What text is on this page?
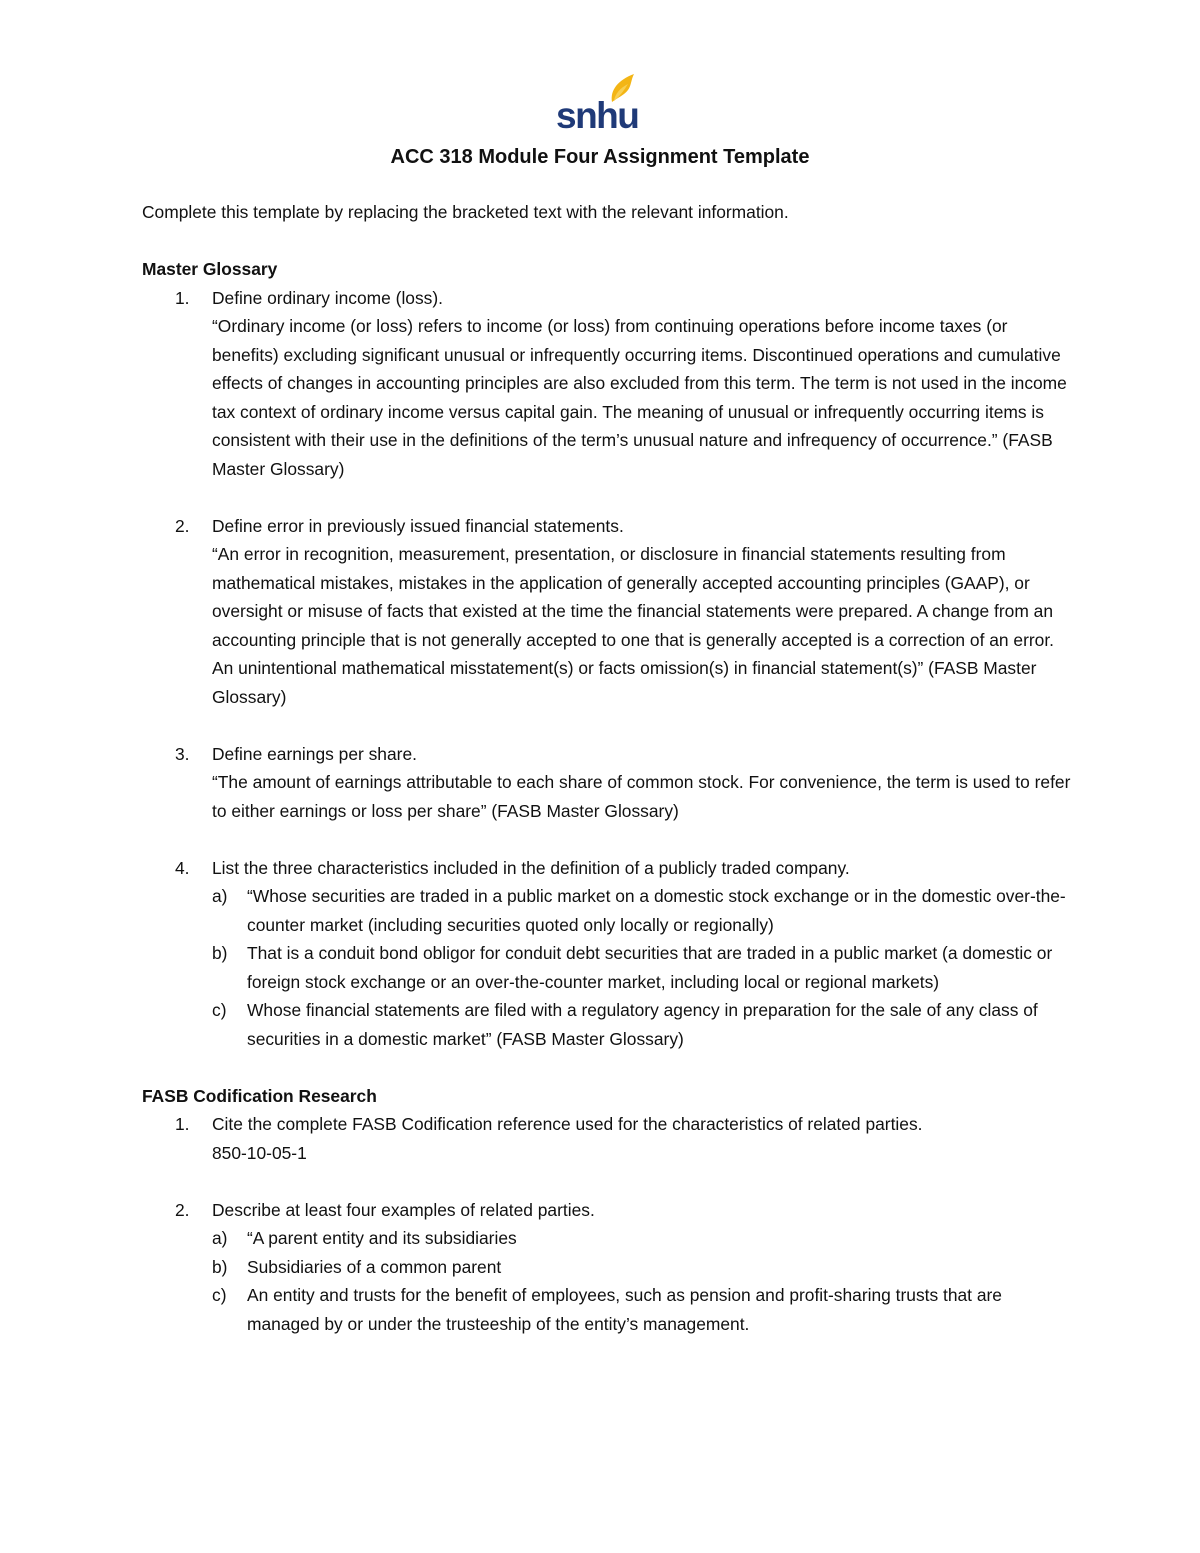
snhu
ACC 318 Module Four Assignment Template

Complete this template by replacing the bracketed text with the relevant information.

Master Glossary

1. Define ordinary income (loss).

“Ordinary income (or loss) refers to income (or loss) from continuing operations before income taxes (or benefits) excluding significant unusual or infrequently occurring items. Discontinued operations and cumulative effects of changes in accounting principles are also excluded from this term. The term is not used in the income tax context of ordinary income versus capital gain. The meaning of unusual or infrequently occurring items is consistent with their use in the definitions of the term’s unusual nature and infrequency of occurrence.” (FASB Master Glossary)

2. Define error in previously issued financial statements.

“An error in recognition, measurement, presentation, or disclosure in financial statements resulting from mathematical mistakes, mistakes in the application of generally accepted accounting principles (GAAP), or oversight or misuse of facts that existed at the time the financial statements were prepared. A change from an accounting principle that is not generally accepted to one that is generally accepted is a correction of an error. An unintentional mathematical misstatement(s) or facts omission(s) in financial statement(s)” (FASB Master Glossary)

3. Define earnings per share.

“The amount of earnings attributable to each share of common stock. For convenience, the term is used to refer to either earnings or loss per share” (FASB Master Glossary)

4. List the three characteristics included in the definition of a publicly traded company.

a) “Whose securities are traded in a public market on a domestic stock exchange or in the domestic over-the-counter market (including securities quoted only locally or regionally)
b) That is a conduit bond obligor for conduit debt securities that are traded in a public market (a domestic or foreign stock exchange or an over-the-counter market, including local or regional markets)
c) Whose financial statements are filed with a regulatory agency in preparation for the sale of any class of securities in a domestic market” (FASB Master Glossary)

FASB Codification Research

1. Cite the complete FASB Codification reference used for the characteristics of related parties.

850-10-05-1

2. Describe at least four examples of related parties.

a) “A parent entity and its subsidiaries
b) Subsidiaries of a common parent
c) An entity and trusts for the benefit of employees, such as pension and profit-sharing trusts that are managed by or under the trusteeship of the entity’s management.
